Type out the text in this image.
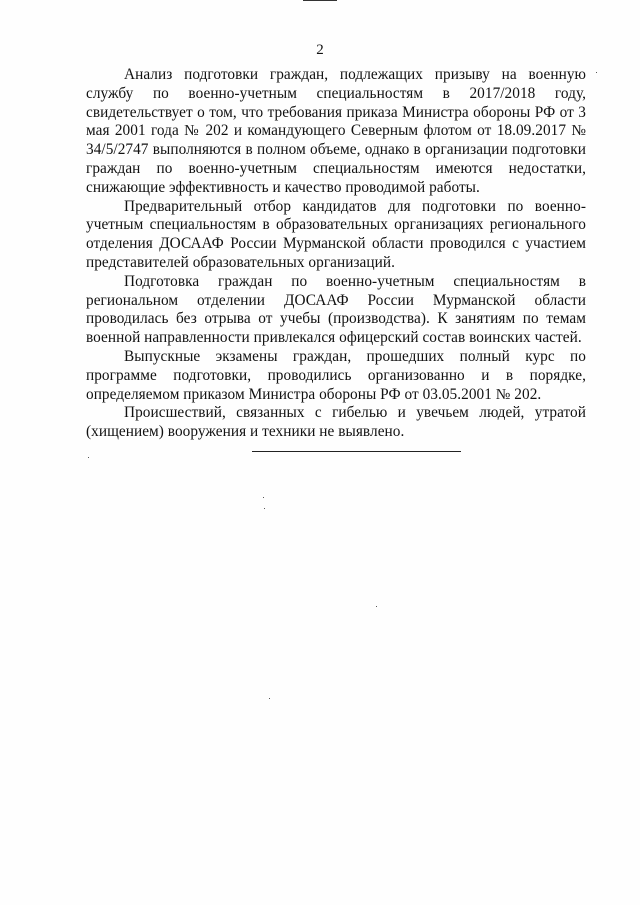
2

Анализ подготовки граждан, подлежащих призыву на военную службу по военно-учетным специальностям в 2017/2018 году, свидетельствует о том, что требования приказа Министра обороны РФ от 3 мая 2001 года № 202 и командующего Северным флотом от 18.09.2017 № 34/5/2747 выполняются в полном объеме, однако в организации подготовки граждан по военно-учетным специальностям имеются недостатки, снижающие эффективность и качество проводимой работы.

Предварительный отбор кандидатов для подготовки по военно-учетным специальностям в образовательных организациях регионального отделения ДОСААФ России Мурманской области проводился с участием представителей образовательных организаций.

Подготовка граждан по военно-учетным специальностям в региональном отделении ДОСААФ России Мурманской области проводилась без отрыва от учебы (производства). К занятиям по темам военной направленности привлекался офицерский состав воинских частей.

Выпускные экзамены граждан, прошедших полный курс по программе подготовки, проводились организованно и в порядке, определяемом приказом Министра обороны РФ от 03.05.2001 № 202.

Происшествий, связанных с гибелью и увечьем людей, утратой (хищением) вооружения и техники не выявлено.
